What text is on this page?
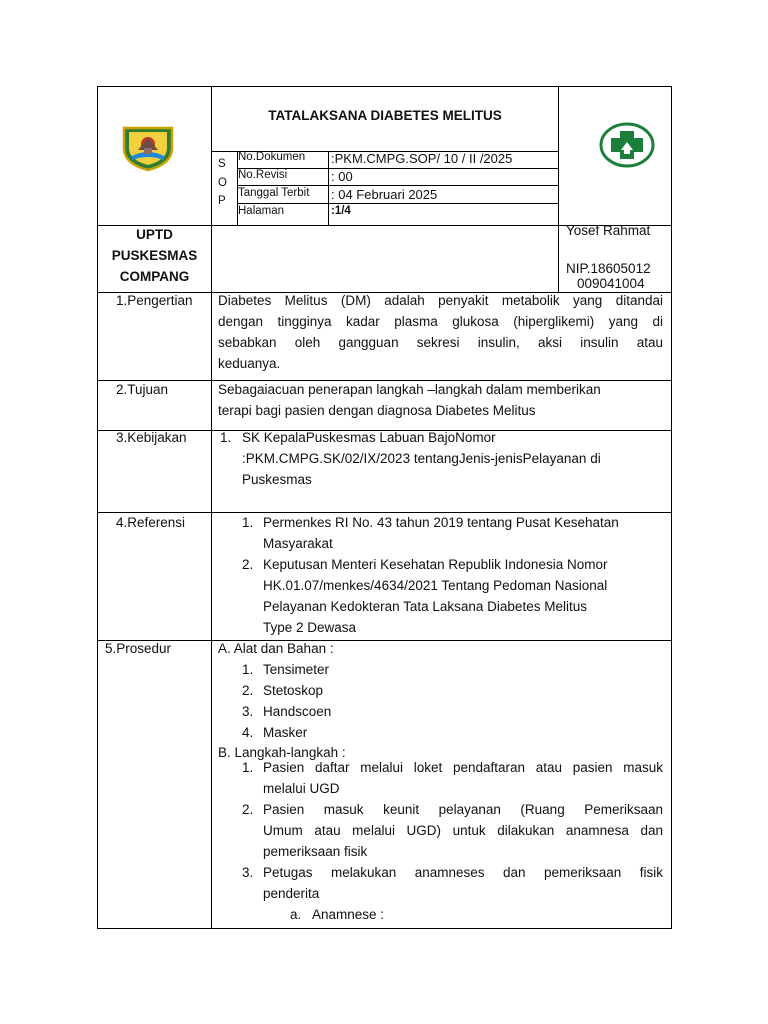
TATALAKSANA DIABETES MELITUS
S
O
P
No.Dokumen :PKM.CMPG.SOP/ 10 / II /2025
No.Revisi	: 00
Tanggal Terbit : 04 Februari 2025
Halaman	:1/4
UPTD
PUSKESMAS
COMPANG
Yosef Rahmat
NIP.18605012
009041004
1.Pengertian Diabetes Melitus (DM) adalah penyakit metabolik yang ditandai
dengan tingginya kadar plasma glukosa (hiperglikemi) yang di
sebabkan oleh gangguan sekresi insulin, aksi insulin atau
keduanya.
2.Tujuan	Sebagaiacuan penerapan langkah –langkah dalam memberikan
terapi bagi pasien dengan diagnosa Diabetes Melitus
3.Kebijakan 1. SK KepalaPuskesmas Labuan BajoNomor
:PKM.CMPG.SK/02/IX/2023 tentangJenis-jenisPelayanan di
Puskesmas
4.Referensi	1. Permenkes RI No. 43 tahun 2019 tentang Pusat Kesehatan
Masyarakat
2. Keputusan Menteri Kesehatan Republik Indonesia Nomor
HK.01.07/menkes/4634/2021 Tentang Pedoman Nasional
Pelayanan Kedokteran Tata Laksana Diabetes Melitus
Type 2 Dewasa
5.Prosedur	A. Alat dan Bahan :
1. Tensimeter
2. Stetoskop
3. Handscoen
4. Masker
B. Langkah-langkah :
1. Pasien daftar melalui loket pendaftaran atau pasien masuk
melalui UGD
2. Pasien masuk keunit pelayanan (Ruang Pemeriksaan
Umum atau melalui UGD) untuk dilakukan anamnesa dan
pemeriksaan fisik
3. Petugas melakukan anamneses dan pemeriksaan fisik
penderita
a. Anamnese :
